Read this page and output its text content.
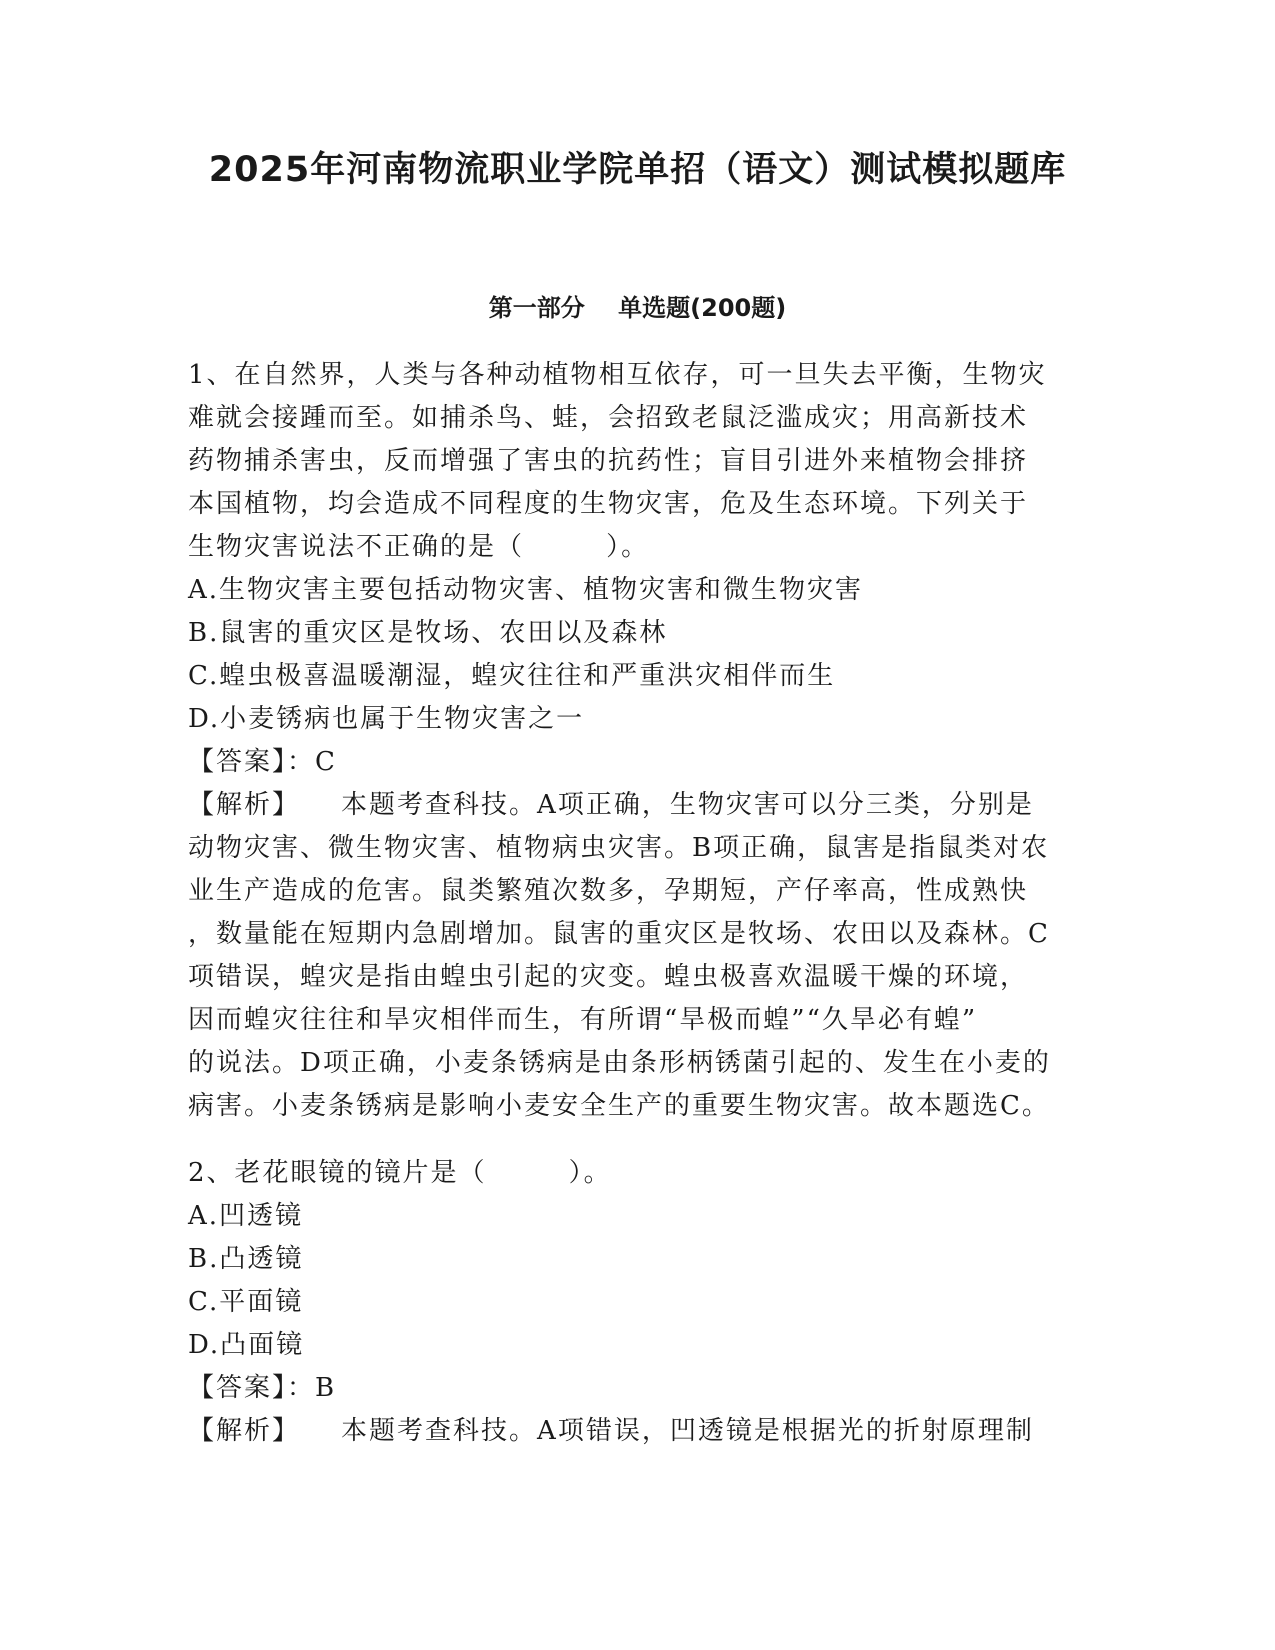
2025年河南物流职业学院单招（语文）测试模拟题库
第一部分    单选题(200题)
1、在自然界，人类与各种动植物相互依存，可一旦失去平衡，生物灾
难就会接踵而至。如捕杀鸟、蛙，会招致老鼠泛滥成灾；用高新技术
药物捕杀害虫，反而增强了害虫的抗药性；盲目引进外来植物会排挤
本国植物，均会造成不同程度的生物灾害，危及生态环境。下列关于
生物灾害说法不正确的是（        ）。
A.生物灾害主要包括动物灾害、植物灾害和微生物灾害
B.鼠害的重灾区是牧场、农田以及森林
C.蝗虫极喜温暖潮湿，蝗灾往往和严重洪灾相伴而生
D.小麦锈病也属于生物灾害之一
【答案】：C
【解析】    本题考查科技。A项正确，生物灾害可以分三类，分别是
动物灾害、微生物灾害、植物病虫灾害。B项正确，鼠害是指鼠类对农
业生产造成的危害。鼠类繁殖次数多，孕期短，产仔率高，性成熟快
，数量能在短期内急剧增加。鼠害的重灾区是牧场、农田以及森林。C
项错误，蝗灾是指由蝗虫引起的灾变。蝗虫极喜欢温暖干燥的环境，
因而蝗灾往往和旱灾相伴而生，有所谓“旱极而蝗”“久旱必有蝗”
的说法。D项正确，小麦条锈病是由条形柄锈菌引起的、发生在小麦的
病害。小麦条锈病是影响小麦安全生产的重要生物灾害。故本题选C。
2、老花眼镜的镜片是（        ）。
A.凹透镜
B.凸透镜
C.平面镜
D.凸面镜
【答案】：B
【解析】    本题考查科技。A项错误，凹透镜是根据光的折射原理制
